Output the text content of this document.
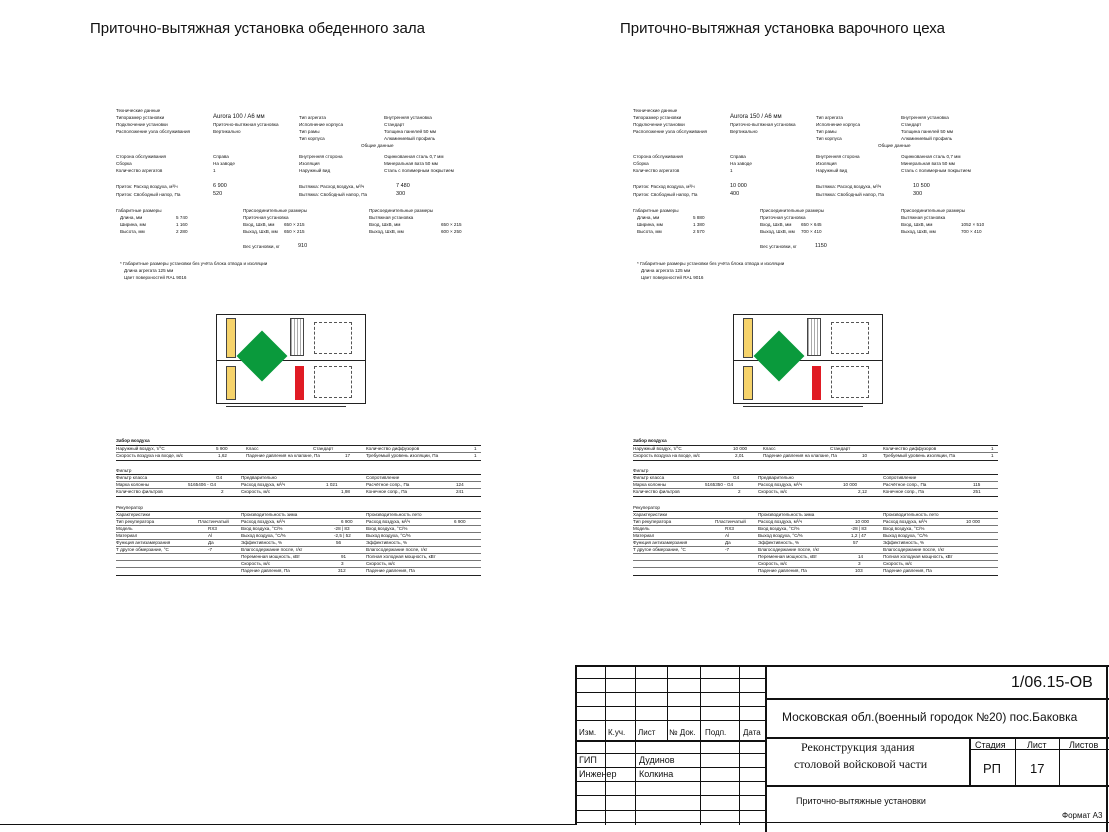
Приточно-вытяжная установка обеденного зала	Приточно-вытяжная установка варочного цеха
Технические данные
Типоразмер установки	Aurora 100 / A6 мм	Тип агрегата	Внутренняя установка
Подключение установки	Приточно-вытяжная установка	Исполнение корпуса	Стандарт
Расположение узла обслуживания	Вертикально	Тип рамы	Толщина панелей 50 мм
Тип корпуса	Алюминиевый профиль
Общие данные
Сторона обслуживания	Справа	Внутренняя сторона	Оцинкованная сталь 0,7 мм
Сборка	На заводе	Изоляция	Минеральная вата 50 мм
Количество агрегатов	1	Наружный вид	Сталь с полимерным покрытием
Приток: Расход воздуха, м³/ч	6 900	Вытяжка: Расход воздуха, м³/ч	7 480
Приток: Свободный напор, Па	520	Вытяжка: Свободный напор, Па	300
Габаритные размеры	Присоединительные размеры	Присоединительные размеры
Длина, мм	5 740	Приточная установка	Вытяжная установка
Ширина, мм	1 160	Вход, ШxВ, мм 650 × 215	Вход, ШxВ, мм	650 × 215
Высота, мм	2 280	Выход, ШxВ, мм 650 × 215	Выход, ШxВ, мм	600 × 250
Вес установки, кг	910
* Габаритные размеры установки без учёта блока отвода и изоляции
Длина агрегата 125 мм
Цвет поверхностей RAL 9016
Забор воздуха
Наружный воздух, т/°C	5 900	Класс	Стандарт	Количество диффузоров	1
Скорость воздуха на входе, м/с	1,62	Падение давления на клапане, Па	17	Требуемый уровень изоляции, Па	1
Фильтр
Фильтр класса	G4	Предварительно	Сопротивление
Марка колонны	5165406 - G4	Расход воздуха, м³/ч	1 021	Расчётное сопр., Па	124
Количество фильтров	2	Скорость, м/с	1,98	Конечное сопр., Па	241
Рекуператор
Характеристики	Производительность зима	Производительность лето
Тип рекуператора	Пластинчатый	Расход воздуха, м³/ч	6 900	Расход воздуха, м³/ч	6 900
Модель	RX3	Вход воздуха, °C/%	-28 | 83	Вход воздуха, °C/%
Материал	Al	Выход воздуха, °C/%	-2,5 | 52	Выход воздуха, °C/%
Функция антизамерзания	Да	Эффективность, %	56	Эффективность, %
Т другое обмерзание, °C	-7	Влагосодержание после, г/кг	Влагосодержание после, г/кг
Переменная мощность, кВт	91	Полная холодная мощность, кВт
Скорость, м/с	3	Скорость, м/с
Падение давления, Па	312	Падение давления, Па
Технические данные
Типоразмер установки	Aurora 150 / A6 мм	Тип агрегата	Внутренняя установка
Подключение установки	Приточно-вытяжная установка	Исполнение корпуса	Стандарт
Расположение узла обслуживания	Вертикально	Тип рамы	Толщина панелей 50 мм
Тип корпуса	Алюминиевый профиль
Общие данные
Сторона обслуживания	Справа	Внутренняя сторона	Оцинкованная сталь 0,7 мм
Сборка	На заводе	Изоляция	Минеральная вата 50 мм
Количество агрегатов	1	Наружный вид	Сталь с полимерным покрытием
Приток: Расход воздуха, м³/ч	10 000	Вытяжка: Расход воздуха, м³/ч	10 500
Приток: Свободный напор, Па	400	Вытяжка: Свободный напор, Па	300
Габаритные размеры	Присоединительные размеры	Присоединительные размеры
Длина, мм	5 880	Приточная установка	Вытяжная установка
Ширина, мм	1 380	Вход, ШxВ, мм 650 × 645	Вход, ШxВ, мм	1052 × 510
Высота, мм	2 570	Выход, ШxВ, мм 700 × 410	Выход, ШxВ, мм	700 × 410
Вес установки, кг	1150
* Габаритные размеры установки без учёта блока отвода и изоляции
Длина агрегата 125 мм
Цвет поверхностей RAL 9016
Забор воздуха
Наружный воздух, т/°C	10 000	Класс	Стандарт	Количество диффузоров	1
Скорость воздуха на входе, м/с	2,01	Падение давления на клапане, Па	10	Требуемый уровень изоляции, Па	1
Фильтр
Фильтр класса	G4	Предварительно	Сопротивление
Марка колонны	5165350 - G4	Расход воздуха, м³/ч	10 000	Расчётное сопр., Па	115
Количество фильтров	2	Скорость, м/с	2,12	Конечное сопр., Па	251
Рекуператор
Характеристики	Производительность зима	Производительность лето
Тип рекуператора	Пластинчатый	Расход воздуха, м³/ч	10 000	Расход воздуха, м³/ч	10 000
Модель	RX3	Вход воздуха, °C/%	-28 | 83	Вход воздуха, °C/%
Материал	Al	Выход воздуха, °C/%	1,2 | 47	Выход воздуха, °C/%
Функция антизамерзания	Да	Эффективность, %	57	Эффективность, %
Т другое обмерзание, °C	-7	Влагосодержание после, г/кг	Влагосодержание после, г/кг
Переменная мощность, кВт	14	Полная холодная мощность, кВт
Скорость, м/с	3	Скорость, м/с
Падение давления, Па	103	Падение давления, Па
1/06.15-ОВ
Московская обл.(военный городок №20) пос.Баковка
Изм. К.уч. Лист № Док. Подп. Дата
ГИП	Дудинов
Инженер	Колкина
Реконструкция здания
столовой войсковой части
Стадия Лист Листов
РП 17
Приточно-вытяжные установки
Формат А3
